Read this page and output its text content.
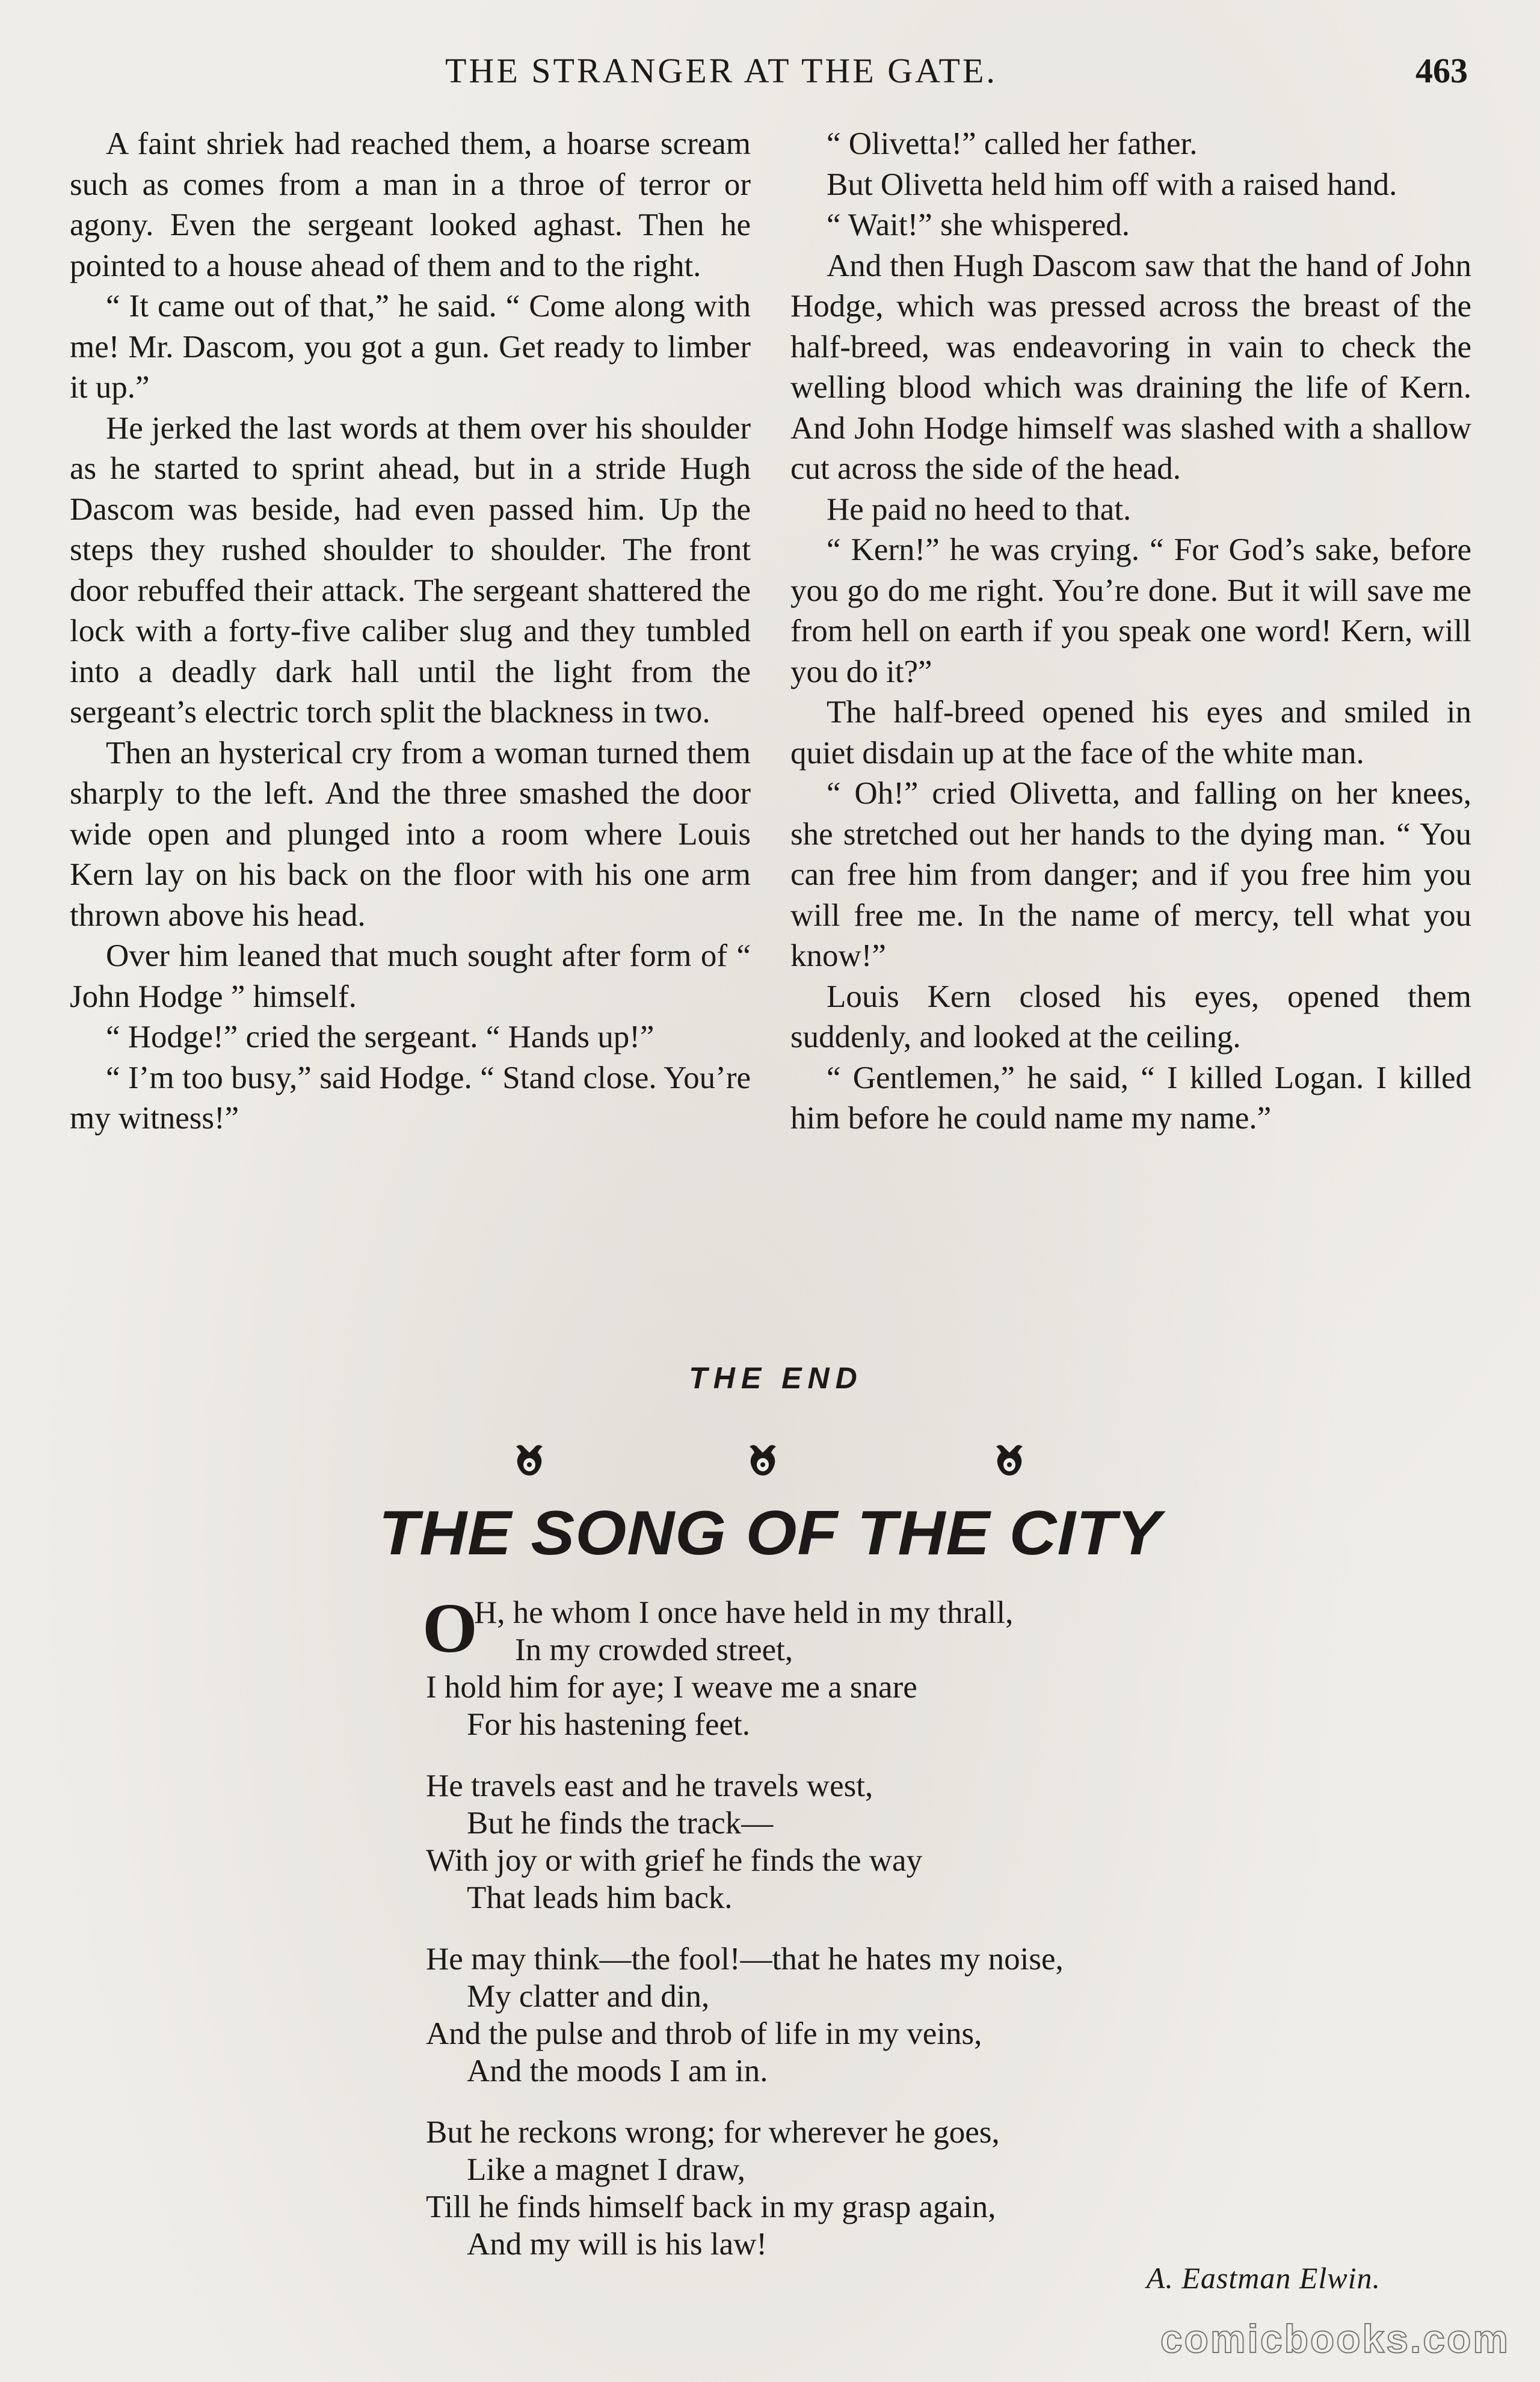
THE STRANGER AT THE GATE.	463

A faint shriek had reached them, a hoarse scream such as comes from a man in a throe of terror or agony. Even the sergeant looked aghast. Then he pointed to a house ahead of them and to the right.

“ It came out of that,” he said. “ Come along with me! Mr. Dascom, you got a gun. Get ready to limber it up.”

He jerked the last words at them over his shoulder as he started to sprint ahead, but in a stride Hugh Dascom was beside, had even passed him. Up the steps they rushed shoulder to shoulder. The front door rebuffed their attack. The sergeant shattered the lock with a forty-five caliber slug and they tumbled into a deadly dark hall until the light from the sergeant’s electric torch split the blackness in two.

Then an hysterical cry from a woman turned them sharply to the left. And the three smashed the door wide open and plunged into a room where Louis Kern lay on his back on the floor with his one arm thrown above his head.

Over him leaned that much sought after form of “ John Hodge ” himself.

“ Hodge!” cried the sergeant. “ Hands up!”

“ I’m too busy,” said Hodge. “ Stand close. You’re my witness!”

“ Olivetta!” called her father.

But Olivetta held him off with a raised hand.

“ Wait!” she whispered.

And then Hugh Dascom saw that the hand of John Hodge, which was pressed across the breast of the half-breed, was endeavoring in vain to check the welling blood which was draining the life of Kern. And John Hodge himself was slashed with a shallow cut across the side of the head.

He paid no heed to that.

“ Kern!” he was crying. “ For God’s sake, before you go do me right. You’re done. But it will save me from hell on earth if you speak one word! Kern, will you do it?”

The half-breed opened his eyes and smiled in quiet disdain up at the face of the white man.

“ Oh!” cried Olivetta, and falling on her knees, she stretched out her hands to the dying man. “ You can free him from danger; and if you free him you will free me. In the name of mercy, tell what you know!”

Louis Kern closed his eyes, opened them suddenly, and looked at the ceiling.

“ Gentlemen,” he said, “ I killed Logan. I killed him before he could name my name.”

THE END
THE SONG OF THE CITY
O
H, he whom I once have held in my thrall,
In my crowded street,
I hold him for aye; I weave me a snare
For his hastening feet.
He travels east and he travels west,
But he finds the track—
With joy or with grief he finds the way
That leads him back.
He may think—the fool!—that he hates my noise,
My clatter and din,
And the pulse and throb of life in my veins,
And the moods I am in.
But he reckons wrong; for wherever he goes,
Like a magnet I draw,
Till he finds himself back in my grasp again,
And my will is his law!
A. Eastman Elwin.
comicbooks.com
